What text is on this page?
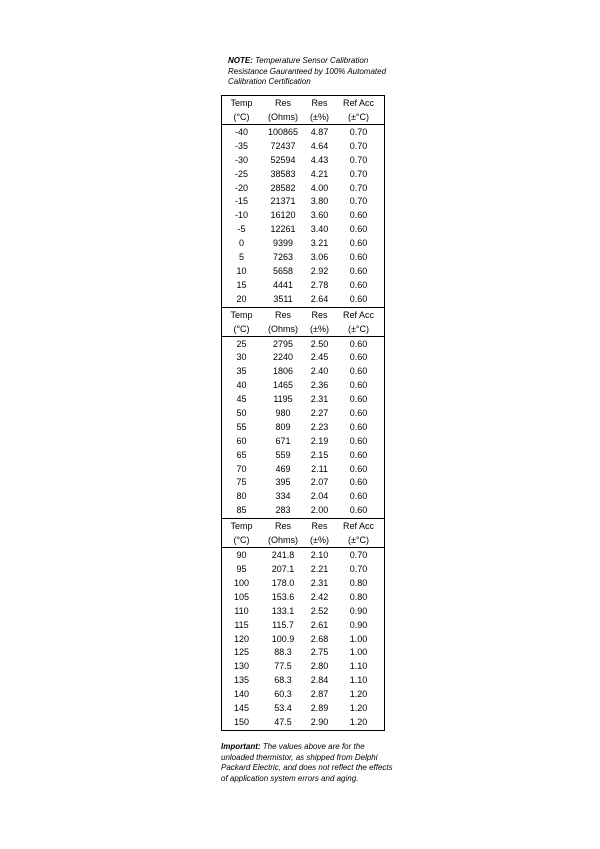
NOTE: Temperature Sensor Calibration Resistance Gauranteed by 100% Automated Calibration Certification
Temp	Res	Res	Ref Acc
(°C)	(Ohms)	(±%)	(±°C)
-40	100865	4.87	0.70
-35	72437	4.64	0.70
-30	52594	4.43	0.70
-25	38583	4.21	0.70
-20	28582	4.00	0.70
-15	21371	3.80	0.70
-10	16120	3.60	0.60
-5	12261	3.40	0.60
0	9399	3.21	0.60
5	7263	3.06	0.60
10	5658	2.92	0.60
15	4441	2.78	0.60
20	3511	2.64	0.60
Temp	Res	Res	Ref Acc
(°C)	(Ohms)	(±%)	(±°C)
25	2795	2.50	0.60
30	2240	2.45	0.60
35	1806	2.40	0.60
40	1465	2.36	0.60
45	1195	2.31	0.60
50	980	2.27	0.60
55	809	2.23	0.60
60	671	2.19	0.60
65	559	2.15	0.60
70	469	2.11	0.60
75	395	2.07	0.60
80	334	2.04	0.60
85	283	2.00	0.60
Temp	Res	Res	Ref Acc
(°C)	(Ohms)	(±%)	(±°C)
90	241.8	2.10	0.70
95	207.1	2.21	0.70
100	178.0	2.31	0.80
105	153.6	2.42	0.80
110	133.1	2.52	0.90
115	115.7	2.61	0.90
120	100.9	2.68	1.00
125	88.3	2.75	1.00
130	77.5	2.80	1.10
135	68.3	2.84	1.10
140	60.3	2.87	1.20
145	53.4	2.89	1.20
150	47.5	2.90	1.20
Important: The values above are for the unloaded thermistor, as shipped from Delphi Packard Electric, and does not reflect the effects of application system errors and aging.
